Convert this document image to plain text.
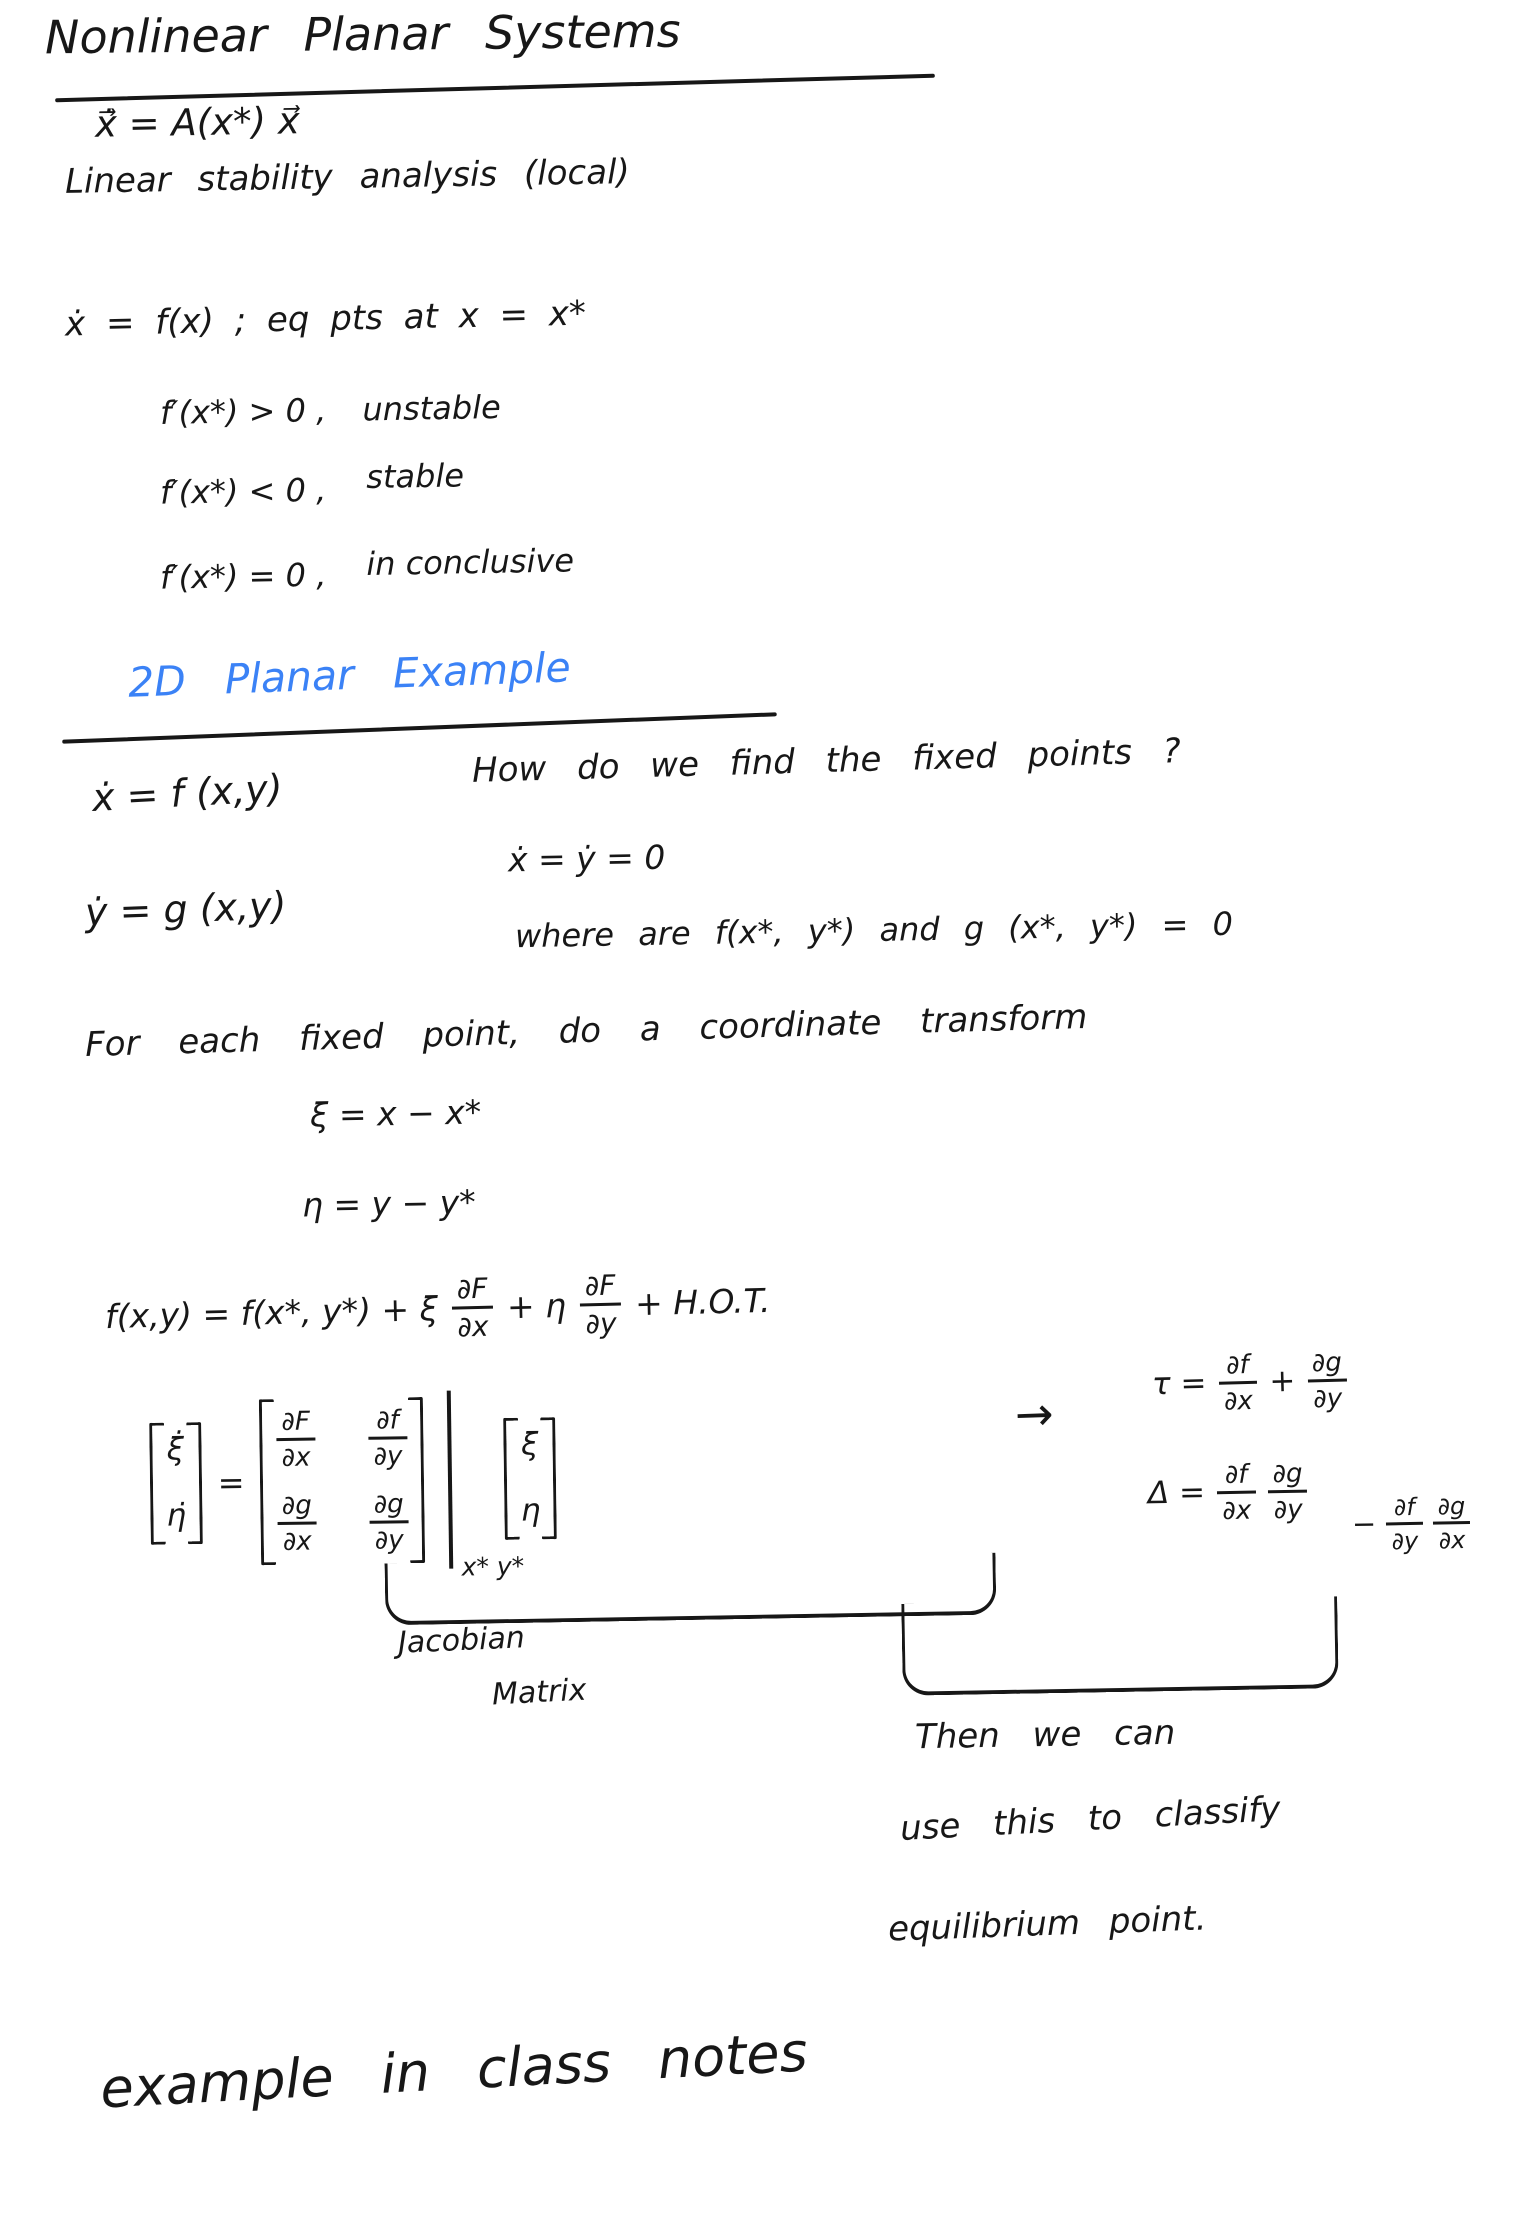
Nonlinear Planar Systems
ẋ⃗ = A(x*) x⃗
Linear stability analysis (local)
ẋ = f(x) ; eq pts at x = x*
f′(x*) > 0 , unstable
f′(x*) < 0 , stable
f′(x*) = 0 , in conclusive
2D Planar Example
ẋ = f (x,y)
ẏ = g (x,y)
How do we find the fixed points ?
ẋ = ẏ = 0
where are f(x*, y*) and g (x*, y*) = 0
For each fixed point, do a coordinate transform
ξ = x − x*
η = y − y*
f(x,y) = f(x*, y*) + ξ $\frac{\partial F}{\partial x} + \eta \frac{\partial F}{\partial y} + H.O.T$.
ξ̇
η̇
=
$\frac{\partial F}{\partial x} \frac{\partial f}{\partial y}$
$\frac{\partial g}{\partial x} \frac{\partial g}{\partial y}$
x* y*
ξ
η
→
$\tau = \frac{\partial f}{\partial x} + \frac{\partial g}{\partial y}$
$\Delta = \frac{\partial f}{\partial x} \frac{\partial g}{\partial y}$
− $\frac{\partial f}{\partial y} \frac{\partial g}{\partial x}$
Jacobian
Matrix
Then we can
use this to classify
equilibrium point.
example in class notes
